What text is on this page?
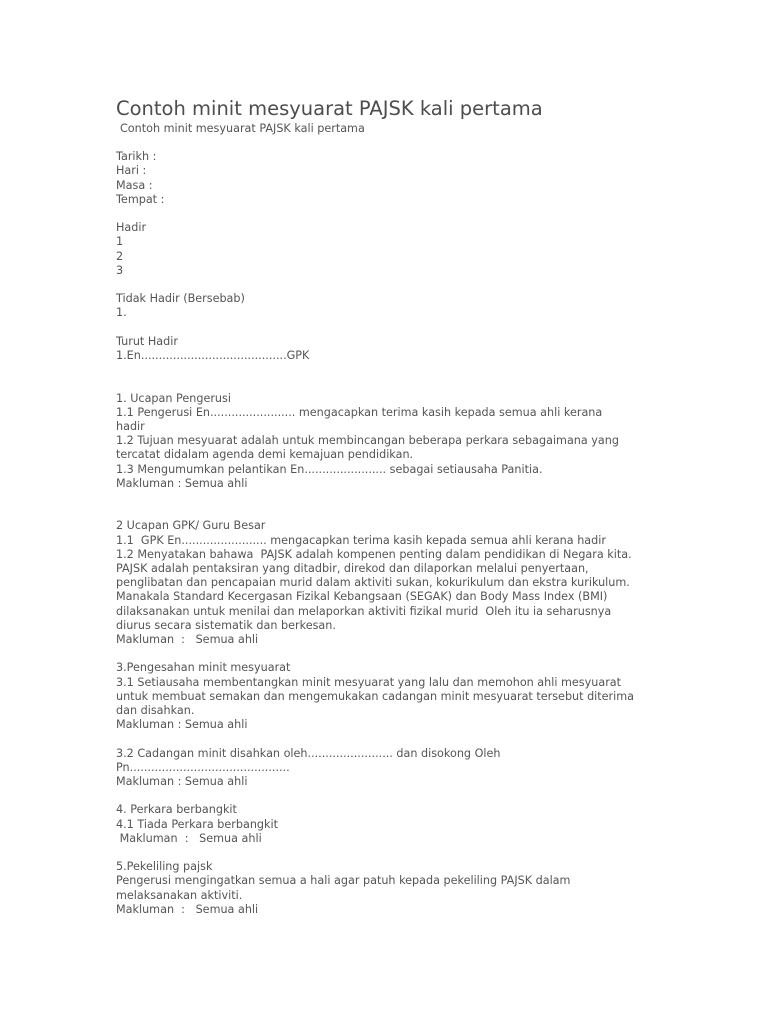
Contoh minit mesyuarat PAJSK kali pertama

Contoh minit mesyuarat PAJSK kali pertama

Tarikh :
Hari :
Masa :
Tempat :
Hadir
1
2
3
Tidak Hadir (Bersebab)
1.
Turut Hadir
1.En.........................................GPK
1. Ucapan Pengerusi
1.1 Pengerusi En........................ mengacapkan terima kasih kepada semua ahli kerana
hadir
1.2 Tujuan mesyuarat adalah untuk membincangan beberapa perkara sebagaimana yang
tercatat didalam agenda demi kemajuan pendidikan.
1.3 Mengumumkan pelantikan En....................... sebagai setiausaha Panitia.
Makluman : Semua ahli
2 Ucapan GPK/ Guru Besar
1.1  GPK En........................ mengacapkan terima kasih kepada semua ahli kerana hadir
1.2 Menyatakan bahawa  PAJSK adalah kompenen penting dalam pendidikan di Negara kita.
PAJSK adalah pentaksiran yang ditadbir, direkod dan dilaporkan melalui penyertaan,
penglibatan dan pencapaian murid dalam aktiviti sukan, kokurikulum dan ekstra kurikulum.
Manakala Standard Kecergasan Fizikal Kebangsaan (SEGAK) dan Body Mass Index (BMI)
dilaksanakan untuk menilai dan melaporkan aktiviti fizikal murid  Oleh itu ia seharusnya
diurus secara sistematik dan berkesan.
Makluman  :   Semua ahli
3.Pengesahan minit mesyuarat
3.1 Setiausaha membentangkan minit mesyuarat yang lalu dan memohon ahli mesyuarat
untuk membuat semakan dan mengemukakan cadangan minit mesyuarat tersebut diterima
dan disahkan.
Makluman : Semua ahli
3.2 Cadangan minit disahkan oleh........................ dan disokong Oleh
Pn.............................................
Makluman : Semua ahli
4. Perkara berbangkit
4.1 Tiada Perkara berbangkit
Makluman  :   Semua ahli
5.Pekeliling pajsk
Pengerusi mengingatkan semua a hali agar patuh kepada pekeliling PAJSK dalam
melaksanakan aktiviti.
Makluman  :   Semua ahli
